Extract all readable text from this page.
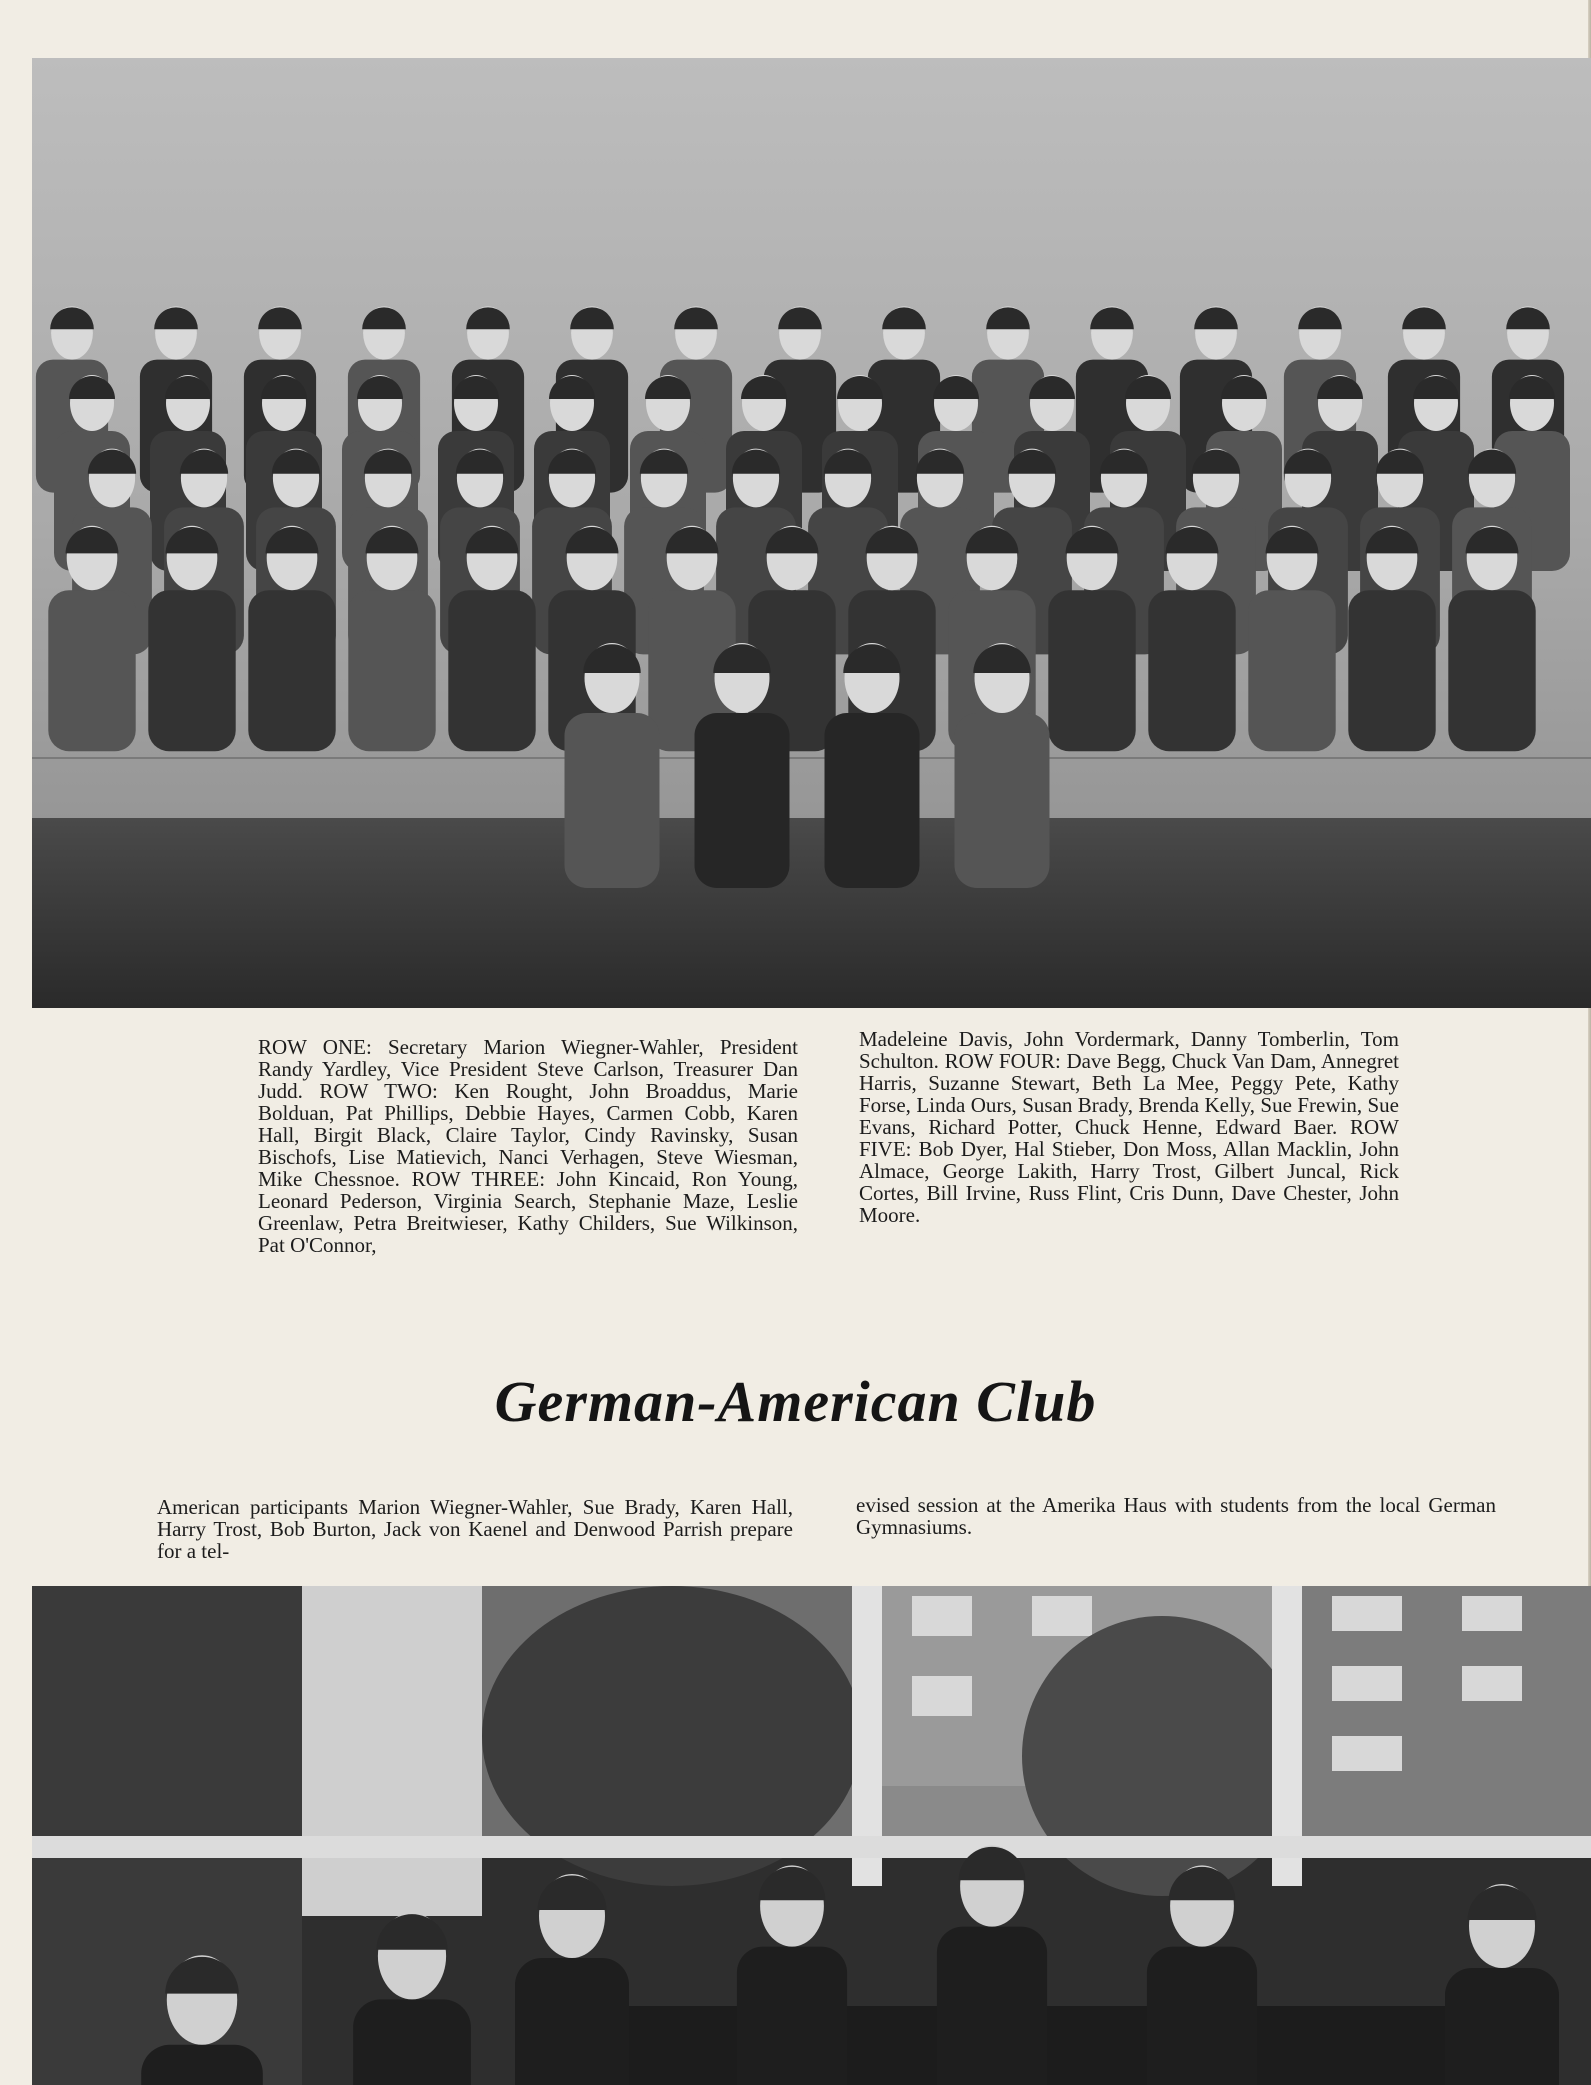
ROW ONE: Secretary Marion Wiegner-Wahler, President Randy Yardley, Vice President Steve Carlson, Treasurer Dan Judd. ROW TWO: Ken Rought, John Broaddus, Marie Bolduan, Pat Phillips, Debbie Hayes, Carmen Cobb, Karen Hall, Birgit Black, Claire Taylor, Cindy Ravinsky, Susan Bischofs, Lise Matievich, Nanci Verhagen, Steve Wiesman, Mike Chessnoe. ROW THREE: John Kincaid, Ron Young, Leonard Pederson, Virginia Search, Stephanie Maze, Leslie Greenlaw, Petra Breitwieser, Kathy Childers, Sue Wilkinson, Pat O'Connor,
Madeleine Davis, John Vordermark, Danny Tomberlin, Tom Schulton. ROW FOUR: Dave Begg, Chuck Van Dam, Annegret Harris, Suzanne Stewart, Beth La Mee, Peggy Pete, Kathy Forse, Linda Ours, Susan Brady, Brenda Kelly, Sue Frewin, Sue Evans, Richard Potter, Chuck Henne, Edward Baer. ROW FIVE: Bob Dyer, Hal Stieber, Don Moss, Allan Macklin, John Almace, George Lakith, Harry Trost, Gilbert Juncal, Rick Cortes, Bill Irvine, Russ Flint, Cris Dunn, Dave Chester, John Moore.
German-American Club
American participants Marion Wiegner-Wahler, Sue Brady, Karen Hall, Harry Trost, Bob Burton, Jack von Kaenel and Denwood Parrish prepare for a tel-
evised session at the Amerika Haus with students from the local German Gymnasiums.
